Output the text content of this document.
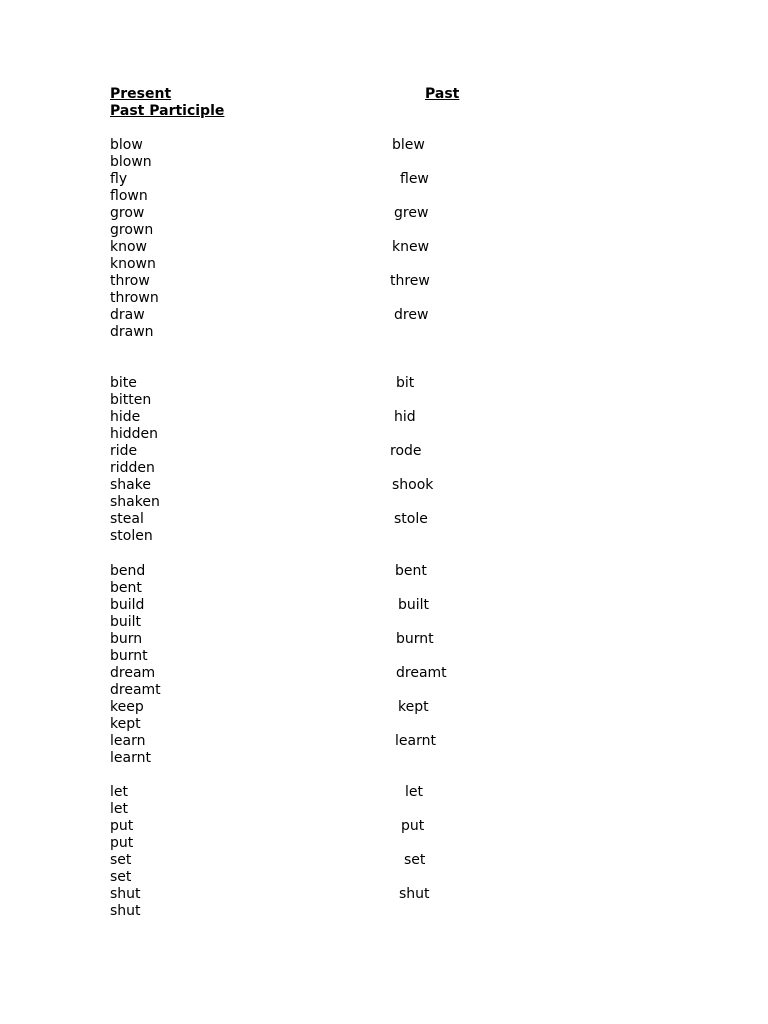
Present	Past
Past Participle
blow	blew
blown
fly	flew
flown
grow	grew
grown
know	knew
known
throw	threw
thrown
draw	drew
drawn
bite	bit
bitten
hide	hid
hidden
ride	rode
ridden
shake	shook
shaken
steal	stole
stolen
bend	bent
bent
build	built
built
burn	burnt
burnt
dream	dreamt
dreamt
keep	kept
kept
learn	learnt
learnt
let	let
let
put	put
put
set	set
set
shut	shut
shut
